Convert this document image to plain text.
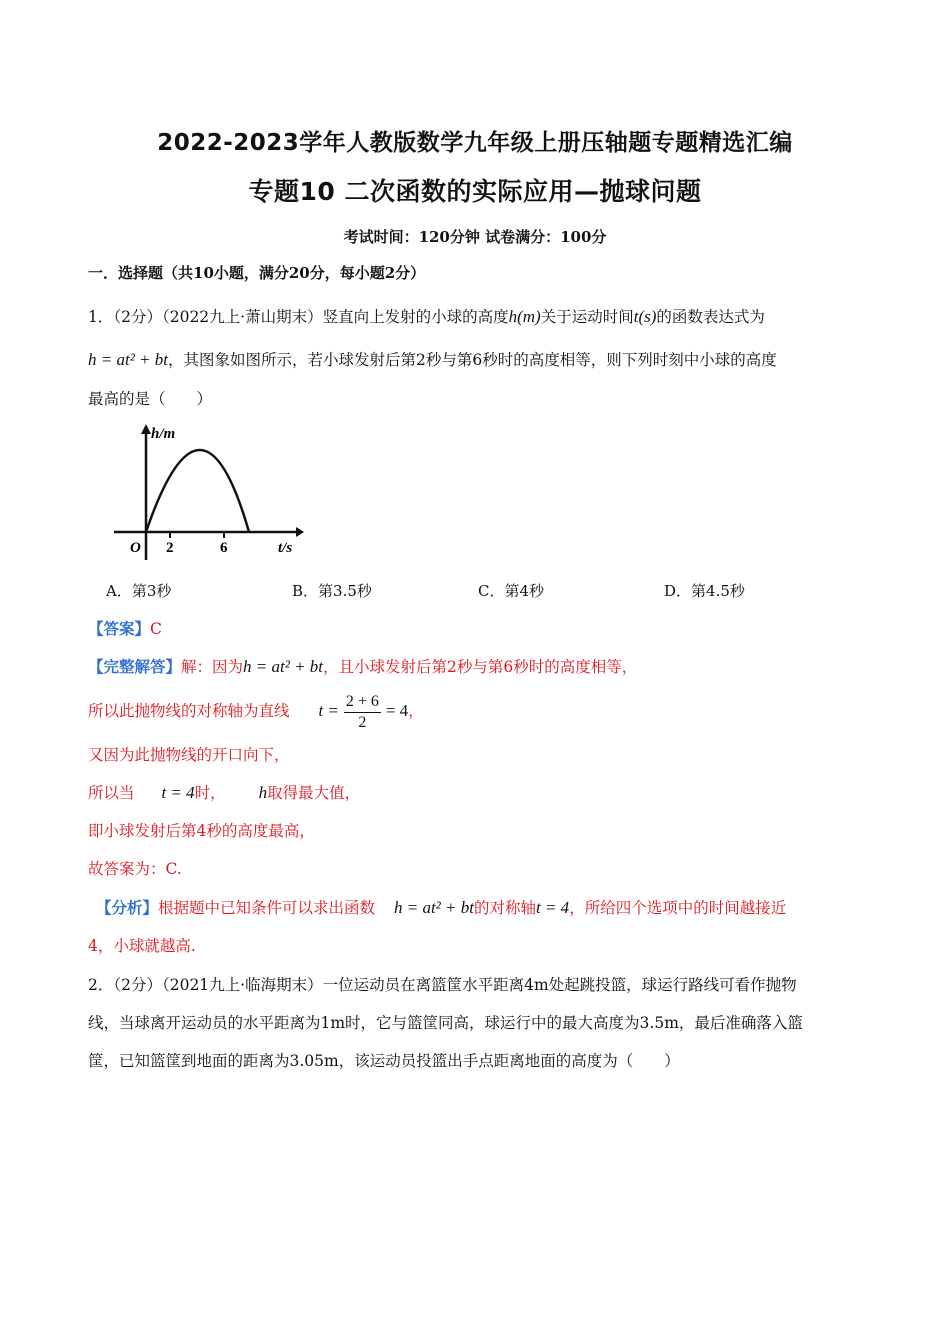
2022-2023学年人教版数学九年级上册压轴题专题精选汇编
专题10 二次函数的实际应用—抛球问题
考试时间：120分钟 试卷满分：100分
一．选择题（共10小题，满分20分，每小题2分）
1．（2分）（2022九上·萧山期末）竖直向上发射的小球的高度h(m)关于运动时间t(s)的函数表达式为
h = at² + bt，其图象如图所示，若小球发射后第2秒与第6秒时的高度相等，则下列时刻中小球的高度
最高的是（　　）
h/m
O 2	6	t/s
A．第3秒	B．第3.5秒	C．第4秒	D．第4.5秒
【答案】C
【完整解答】解：因为h = at² + bt，且小球发射后第2秒与第6秒时的高度相等，
所以此抛物线的对称轴为直线 $t = \frac{2 + 6}{2} = 4$，
又因为此抛物线的开口向下，
所以当 t = 4时， h取得最大值，
即小球发射后第4秒的高度最高，
故答案为：C.
【分析】根据题中已知条件可以求出函数 h = at² + bt的对称轴t = 4，所给四个选项中的时间越接近
4，小球就越高.
2．（2分）（2021九上·临海期末）一位运动员在离篮筐水平距离4m处起跳投篮，球运行路线可看作抛物
线，当球离开运动员的水平距离为1m时，它与篮筐同高，球运行中的最大高度为3.5m，最后准确落入篮
筐，已知篮筐到地面的距离为3.05m，该运动员投篮出手点距离地面的高度为（　　）
